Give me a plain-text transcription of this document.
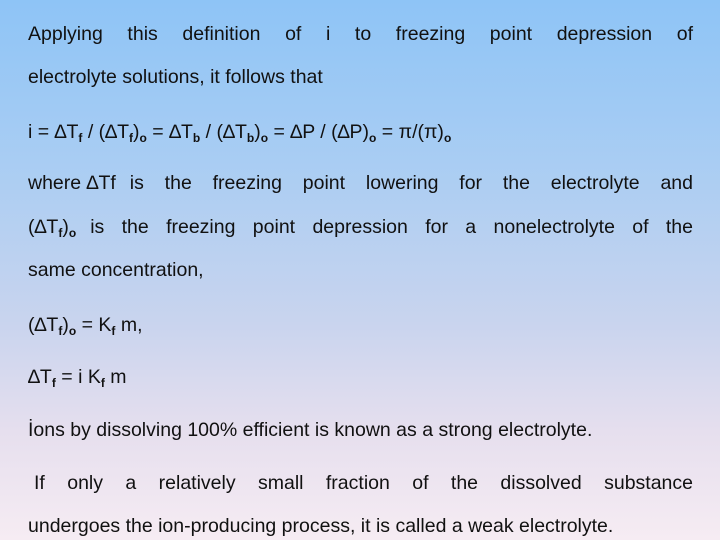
Applying this definition of i to freezing point depression of
electrolyte solutions, it follows that
$i = \Delta T_f / (\Delta T_f)_o = \Delta T_b / (\Delta T_b)_o = \Delta P / (\Delta P)_o = \pi/(\pi)_o$
where ∆Tf is the freezing point lowering for the electrolyte and
$(\Delta T_f)_o$ is the freezing point depression for a nonelectrolyte of the
same concentration,
$(\Delta T_f)_o = K_f$ m,
$\Delta T_f = i$ $K_f$ m
İons by dissolving 100% efficient is known as a strong electrolyte.
If only a relatively small fraction of the dissolved substance
undergoes the ion-producing process, it is called a weak electrolyte.
